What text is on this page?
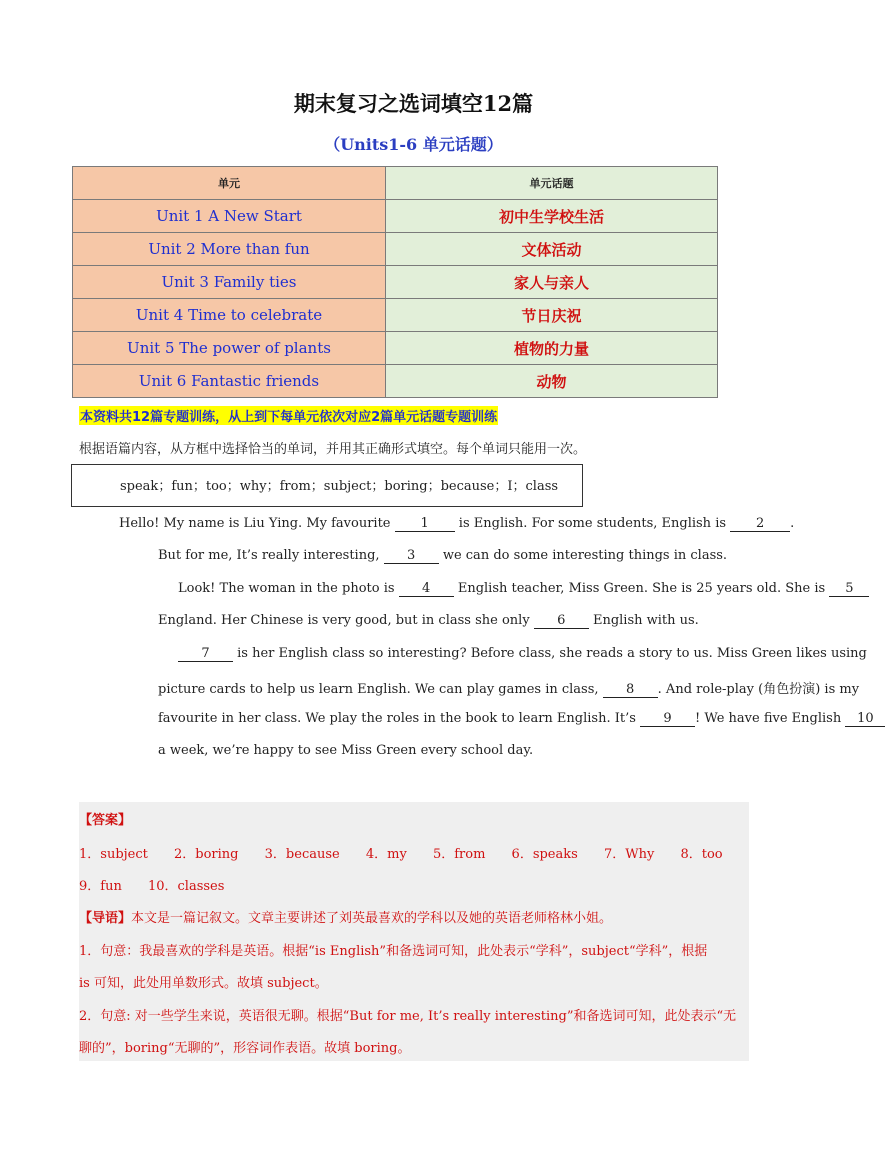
期末复习之选词填空12篇
（Units1-6 单元话题）
单元	单元话题
Unit 1 A New Start	初中生学校生活
Unit 2 More than fun	文体活动
Unit 3 Family ties	家人与亲人
Unit 4 Time to celebrate	节日庆祝
Unit 5 The power of plants	植物的力量
Unit 6 Fantastic friends	动物
本资料共12篇专题训练，从上到下每单元依次对应2篇单元话题专题训练
根据语篇内容，从方框中选择恰当的单词，并用其正确形式填空。每个单词只能用一次。
speak；fun；too；why；from；subject；boring；because；I；class
Hello! My name is Liu Ying. My favourite 1 is English. For some students, English is 2 .
But for me, It’s really interesting, 3 we can do some interesting things in class.
Look! The woman in the photo is 4 English teacher, Miss Green. She is 25 years old. She is 5
England. Her Chinese is very good, but in class she only 6 English with us.
7 is her English class so interesting? Before class, she reads a story to us. Miss Green likes using
picture cards to help us learn English. We can play games in class, 8 . And role-play (角色扮演) is my
favourite in her class. We play the roles in the book to learn English. It’s 9 ! We have five English 10
a week, we’re happy to see Miss Green every school day.
【答案】
1．subject 2．boring 3．because 4．my 5．from 6．speaks 7．Why 8．too
9．fun 10．classes
【导语】本文是一篇记叙文。文章主要讲述了刘英最喜欢的学科以及她的英语老师格林小姐。
1．句意：我最喜欢的学科是英语。根据“is English”和备选词可知，此处表示“学科”，subject“学科”，根据
is 可知，此处用单数形式。故填 subject。
2．句意: 对一些学生来说，英语很无聊。根据“But for me, It’s really interesting”和备选词可知，此处表示“无
聊的”，boring“无聊的”，形容词作表语。故填 boring。
